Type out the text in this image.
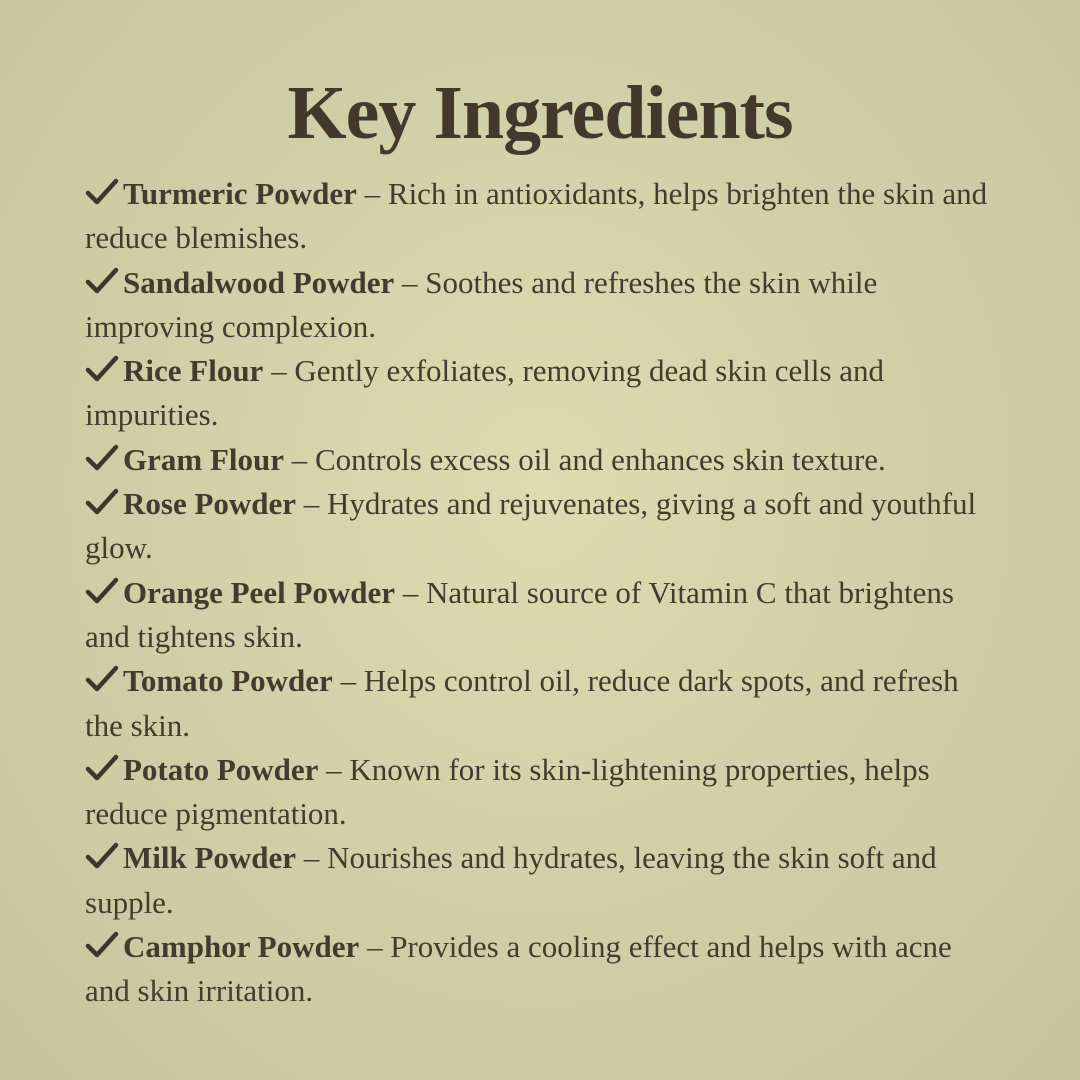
Key Ingredients
Turmeric Powder – Rich in antioxidants, helps brighten the skin and reduce blemishes.
Sandalwood Powder – Soothes and refreshes the skin while improving complexion.
Rice Flour – Gently exfoliates, removing dead skin cells and impurities.
Gram Flour – Controls excess oil and enhances skin texture.
Rose Powder – Hydrates and rejuvenates, giving a soft and youthful glow.
Orange Peel Powder – Natural source of Vitamin C that brightens and tightens skin.
Tomato Powder – Helps control oil, reduce dark spots, and refresh the skin.
Potato Powder – Known for its skin-lightening properties, helps reduce pigmentation.
Milk Powder – Nourishes and hydrates, leaving the skin soft and supple.
Camphor Powder – Provides a cooling effect and helps with acne and skin irritation.
